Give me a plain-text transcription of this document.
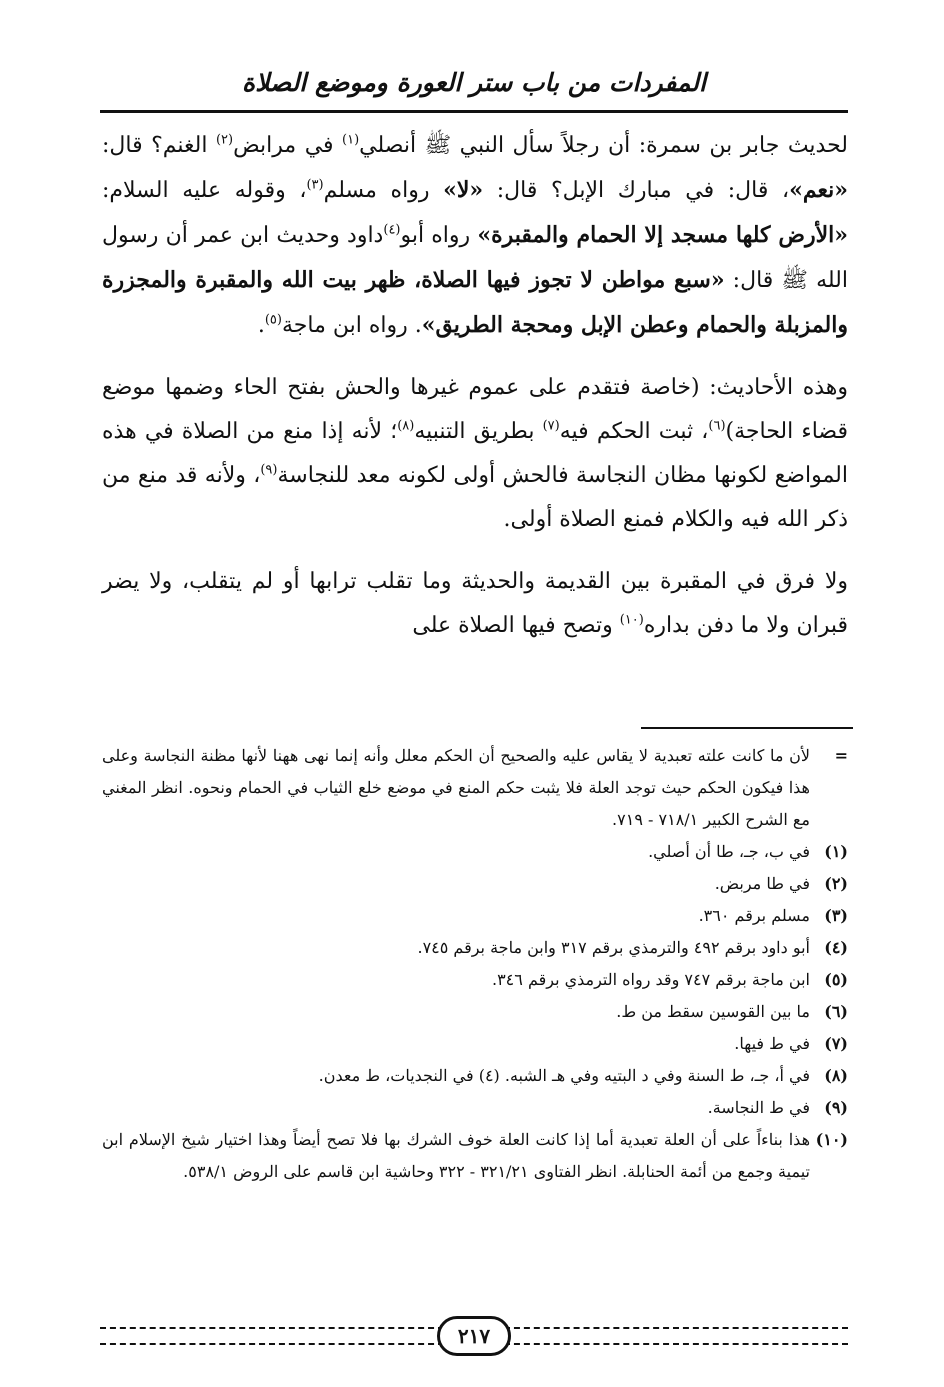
المفردات من باب ستر العورة وموضع الصلاة

لحديث جابر بن سمرة: أن رجلاً سأل النبي ﷺ أنصلي$^{(١)}$ في مرابض$^{(٢)}$ الغنم؟ قال: «نعم»، قال: في مبارك الإبل؟ قال: «لا» رواه مسلم$^{(٣)}$، وقوله عليه السلام: «الأرض كلها مسجد إلا الحمام والمقبرة» رواه أبو$^{(٤)}$داود وحديث ابن عمر أن رسول الله ﷺ قال: «سبع مواطن لا تجوز فيها الصلاة، ظهر بيت الله والمقبرة والمجزرة والمزبلة والحمام وعطن الإبل ومحجة الطريق». رواه ابن ماجة$^{(٥)}$.

وهذه الأحاديث: (خاصة فتقدم على عموم غيرها والحش بفتح الحاء وضمها موضع قضاء الحاجة)$^{(٦)}$، ثبت الحكم فيه$^{(٧)}$ بطريق التنبيه$^{(٨)}$؛ لأنه إذا منع من الصلاة في هذه المواضع لكونها مظان النجاسة فالحش أولى لكونه معد للنجاسة$^{(٩)}$، ولأنه قد منع من ذكر الله فيه والكلام فمنع الصلاة أولى.

ولا فرق في المقبرة بين القديمة والحديثة وما تقلب ترابها أو لم يتقلب، ولا يضر قبران ولا ما دفن بداره$^{(١٠)}$ وتصح فيها الصلاة على

=
لأن ما كانت علته تعبدية لا يقاس عليه والصحيح أن الحكم معلل وأنه إنما نهى ههنا لأنها مظنة النجاسة وعلى هذا فيكون الحكم حيث توجد العلة فلا يثبت حكم المنع في موضع خلع الثياب في الحمام ونحوه. انظر المغني مع الشرح الكبير ٧١٨/١ - ٧١٩.
(١)
في ب، جـ، طا أن أصلي.
(٢)
في طا مربض.
(٣)
مسلم برقم ٣٦٠.
(٤)
أبو داود برقم ٤٩٢ والترمذي برقم ٣١٧ وابن ماجة برقم ٧٤٥.
(٥)
ابن ماجة برقم ٧٤٧ وقد رواه الترمذي برقم ٣٤٦.
(٦)
ما بين القوسين سقط من ط.
(٧)
في ط فيها.
(٨)
في أ، جـ، ط السنة وفي د البتيه وفي هـ الشبه. (٤) في النجديات، ط معدن.
(٩)
في ط النجاسة.
(١٠)
هذا بناءاً على أن العلة تعبدية أما إذا كانت العلة خوف الشرك بها فلا تصح أيضاً وهذا اختيار شيخ الإسلام ابن تيمية وجمع من أئمة الحنابلة. انظر الفتاوى ٣٢١/٢١ - ٣٢٢ وحاشية ابن قاسم على الروض ٥٣٨/١.
٢١٧
